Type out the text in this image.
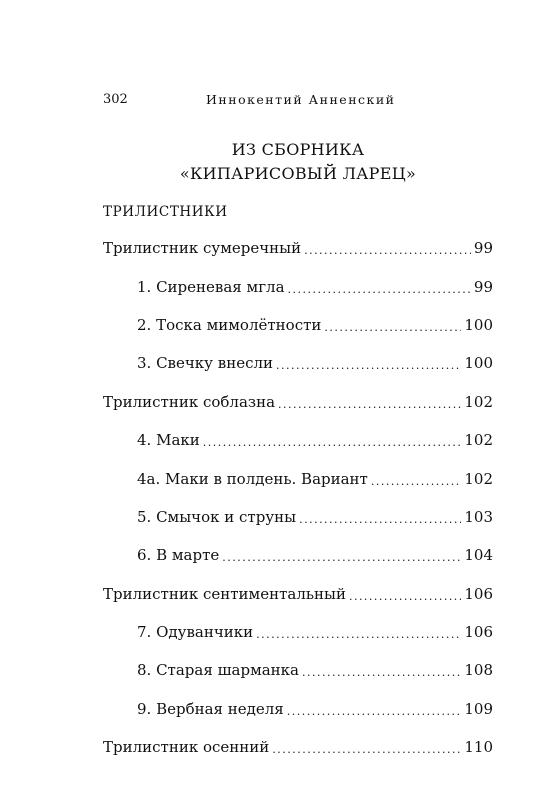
302	Иннокентий Анненский
ИЗ СБОРНИКА
«КИПАРИСОВЫЙ ЛАРЕЦ»
ТРИЛИСТНИКИ
Трилистник сумеречный . . .	99
1. Сиреневая мгла . . .	99
2. Тоска мимолётности . . .	100
3. Свечку внесли . . .	100
Трилистник соблазна . . .	102
4. Маки . . .	102
4а. Маки в полдень. Вариант . . .	102
5. Смычок и струны . . .	103
6. В марте . . .	104
Трилистник сентиментальный . . .	106
7. Одуванчики . . .	106
8. Старая шарманка . . .	108
9. Вербная неделя . . .	109
Трилистник осенний . . .	110
